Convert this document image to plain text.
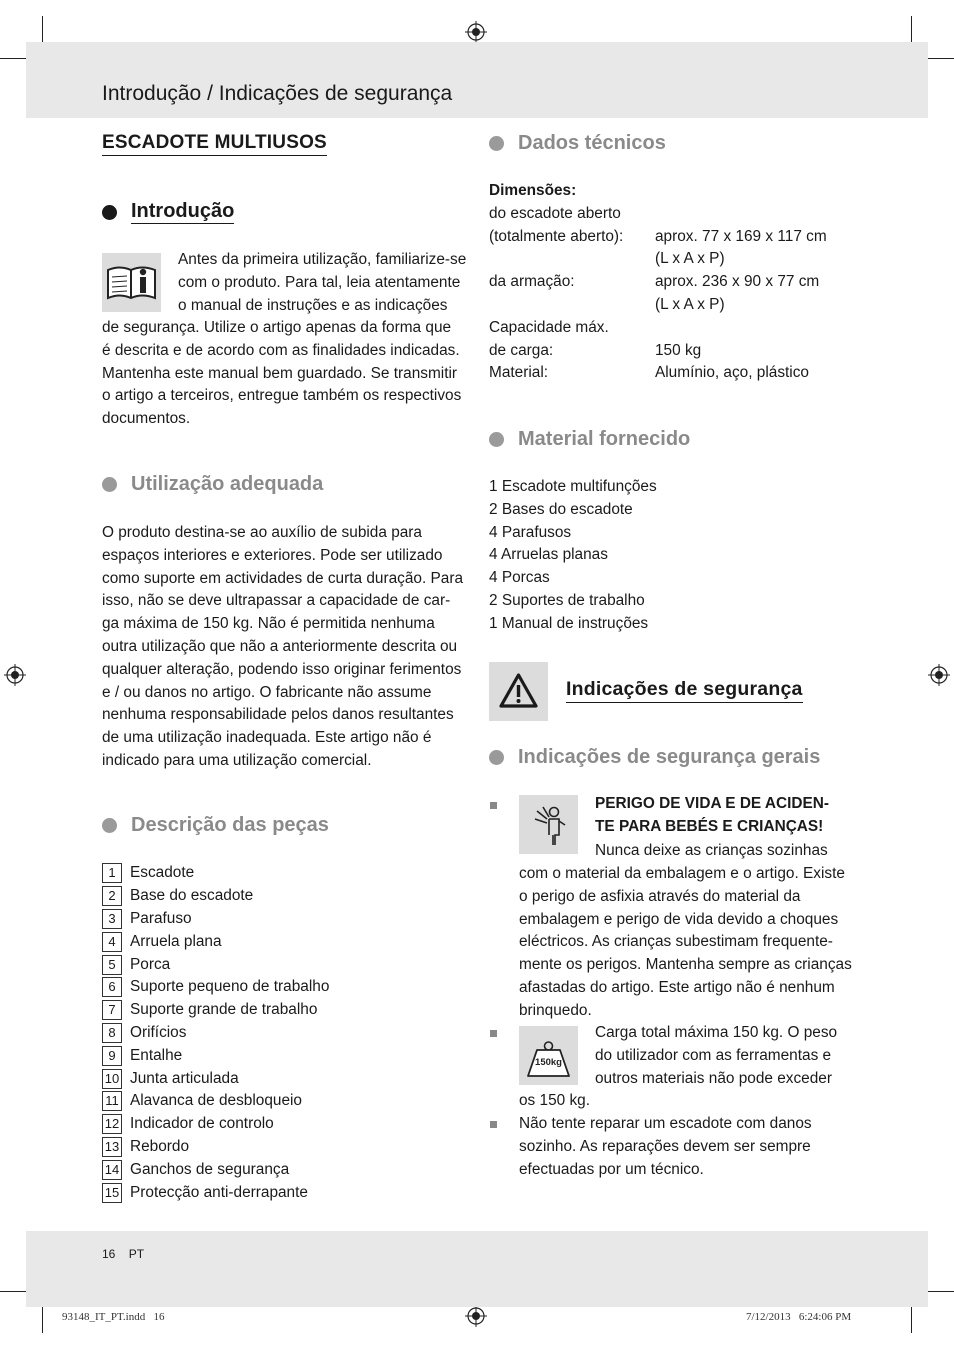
Introdução / Indicações de segurança
ESCADOTE MULTIUSOS
Introdução

Antes da primeira utilização, familiarize-se

com o produto. Para tal, leia atentamente

o manual de instruções e as indicações

de segurança. Utilize o artigo apenas da forma que

é descrita e de acordo com as finalidades indicadas.

Mantenha este manual bem guardado. Se transmitir

o artigo a terceiros, entregue também os respectivos

documentos.

Utilização adequada

O produto destina-se ao auxílio de subida para

espaços interiores e exteriores. Pode ser utilizado

como suporte em actividades de curta duração. Para

isso, não se deve ultrapassar a capacidade de car-

ga máxima de 150 kg. Não é permitida nenhuma

outra utilização que não a anteriormente descrita ou

qualquer alteração, podendo isso originar ferimentos

e / ou danos no artigo. O fabricante não assume

nenhuma responsabilidade pelos danos resultantes

de uma utilização inadequada. Este artigo não é

indicado para uma utilização comercial.

Descrição das peças
1 Escadote
2 Base do escadote
3 Parafuso
4 Arruela plana
5 Porca
6 Suporte pequeno de trabalho
7 Suporte grande de trabalho
8 Orifícios
9 Entalhe
10 Junta articulada
11 Alavanca de desbloqueio
12 Indicador de controlo
13 Rebordo
14 Ganchos de segurança
15 Protecção anti-derrapante
Dados técnicos
Dimensões:
do escadote aberto
(totalmente aberto):	aprox. 77 x 169 x 117 cm
(L x A x P)
da armação:	aprox. 236 x 90 x 77 cm
(L x A x P)
Capacidade máx.
de carga:	150 kg
Material:	Alumínio, aço, plástico
Material fornecido

1 Escadote multifunções

2 Bases do escadote

4 Parafusos

4 Arruelas planas

4 Porcas

2 Suportes de trabalho

1 Manual de instruções

Indicações de segurança
Indicações de segurança gerais

PERIGO DE VIDA E DE ACIDEN-

TE PARA BEBÉS E CRIANÇAS!

Nunca deixe as crianças sozinhas

com o material da embalagem e o artigo. Existe

o perigo de asfixia através do material da

embalagem e perigo de vida devido a choques

eléctricos. As crianças subestimam frequente-

mente os perigos. Mantenha sempre as crianças

afastadas do artigo. Este artigo não é nenhum

brinquedo.

150kg

Carga total máxima 150 kg. O peso

do utilizador com as ferramentas e

outros materiais não pode exceder

os 150 kg.

Não tente reparar um escadote com danos

sozinho. As reparações devem ser sempre

efectuadas por um técnico.

16 PT
93148_IT_PT.indd   16	7/12/2013   6:24:06 PM
